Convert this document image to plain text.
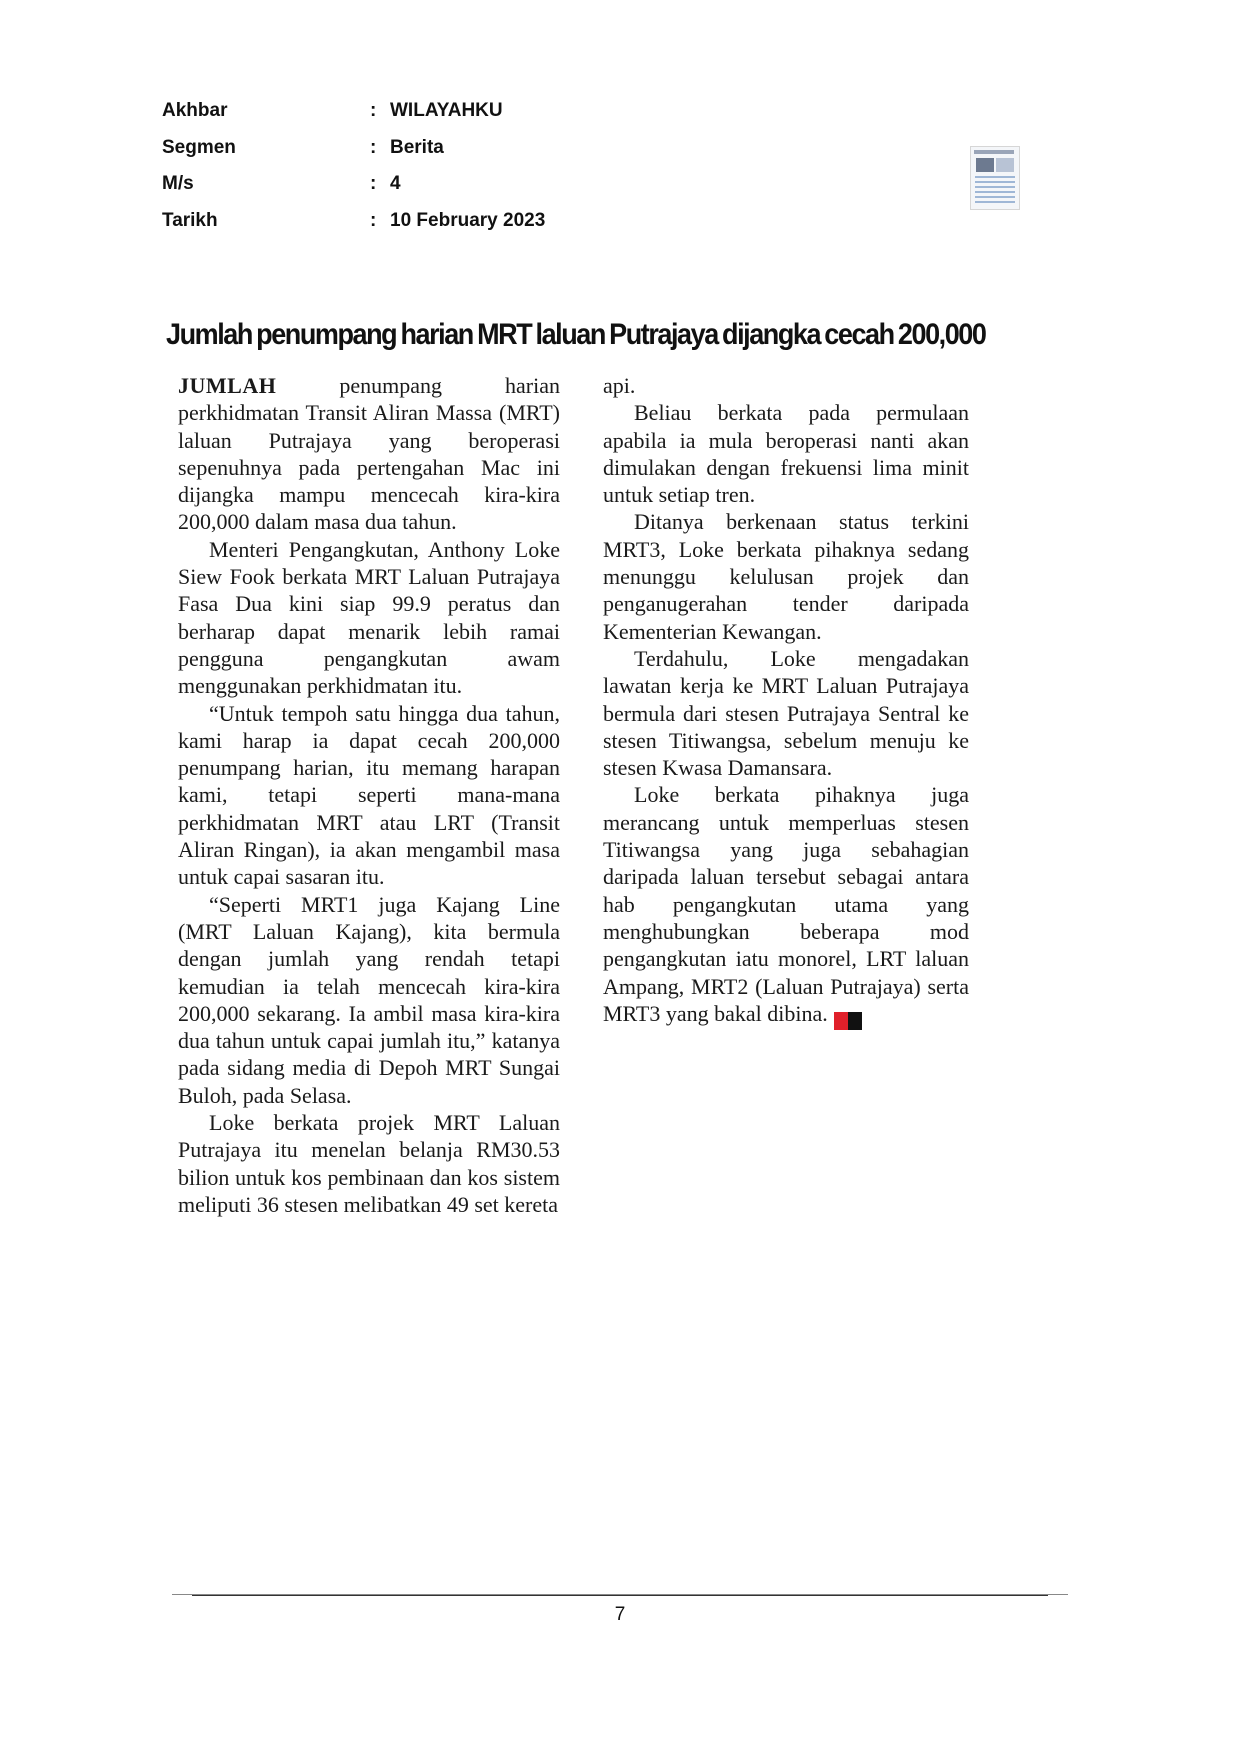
Akhbar	: WILAYAHKU
Segmen	: Berita
M/s	: 4
Tarikh	: 10 February 2023
Jumlah penumpang harian MRT laluan Putrajaya dijangka cecah 200,000

JUMLAH penumpang harian perkhidmatan Transit Aliran Massa (MRT) laluan Putrajaya yang beroperasi sepenuhnya pada pertengahan Mac ini dijangka mampu mencecah kira-kira 200,000 dalam masa dua tahun.

Menteri Pengangkutan, Anthony Loke Siew Fook berkata MRT Laluan Putrajaya Fasa Dua kini siap 99.9 peratus dan berharap dapat menarik lebih ramai pengguna pengangkutan awam menggunakan perkhidmatan itu.

“Untuk tempoh satu hingga dua tahun, kami harap ia dapat cecah 200,000 penumpang harian, itu memang harapan kami, tetapi seperti mana-mana perkhidmatan MRT atau LRT (Transit Aliran Ringan), ia akan mengambil masa untuk capai sasaran itu.

“Seperti MRT1 juga Kajang Line (MRT Laluan Kajang), kita bermula dengan jumlah yang rendah tetapi kemudian ia telah mencecah kira-kira 200,000 sekarang. Ia ambil masa kira-kira dua tahun untuk capai jumlah itu,” katanya pada sidang media di Depoh MRT Sungai Buloh, pada Selasa.

Loke berkata projek MRT Laluan Putrajaya itu menelan belanja RM30.53 bilion untuk kos pembinaan dan kos sistem meliputi 36 stesen melibatkan 49 set kereta

api.

Beliau berkata pada permulaan apabila ia mula beroperasi nanti akan dimulakan dengan frekuensi lima minit untuk setiap tren.

Ditanya berkenaan status terkini MRT3, Loke berkata pihaknya sedang menunggu kelulusan projek dan penganugerahan tender daripada Kementerian Kewangan.

Terdahulu, Loke mengadakan lawatan kerja ke MRT Laluan Putrajaya bermula dari stesen Putrajaya Sentral ke stesen Titiwangsa, sebelum menuju ke stesen Kwasa Damansara.

Loke berkata pihaknya juga merancang untuk memperluas stesen Titiwangsa yang juga sebahagian daripada laluan tersebut sebagai antara hab pengangkutan utama yang menghubungkan beberapa mod pengangkutan iatu monorel, LRT laluan Ampang, MRT2 (Laluan Putrajaya) serta MRT3 yang bakal dibina.	W K

7
